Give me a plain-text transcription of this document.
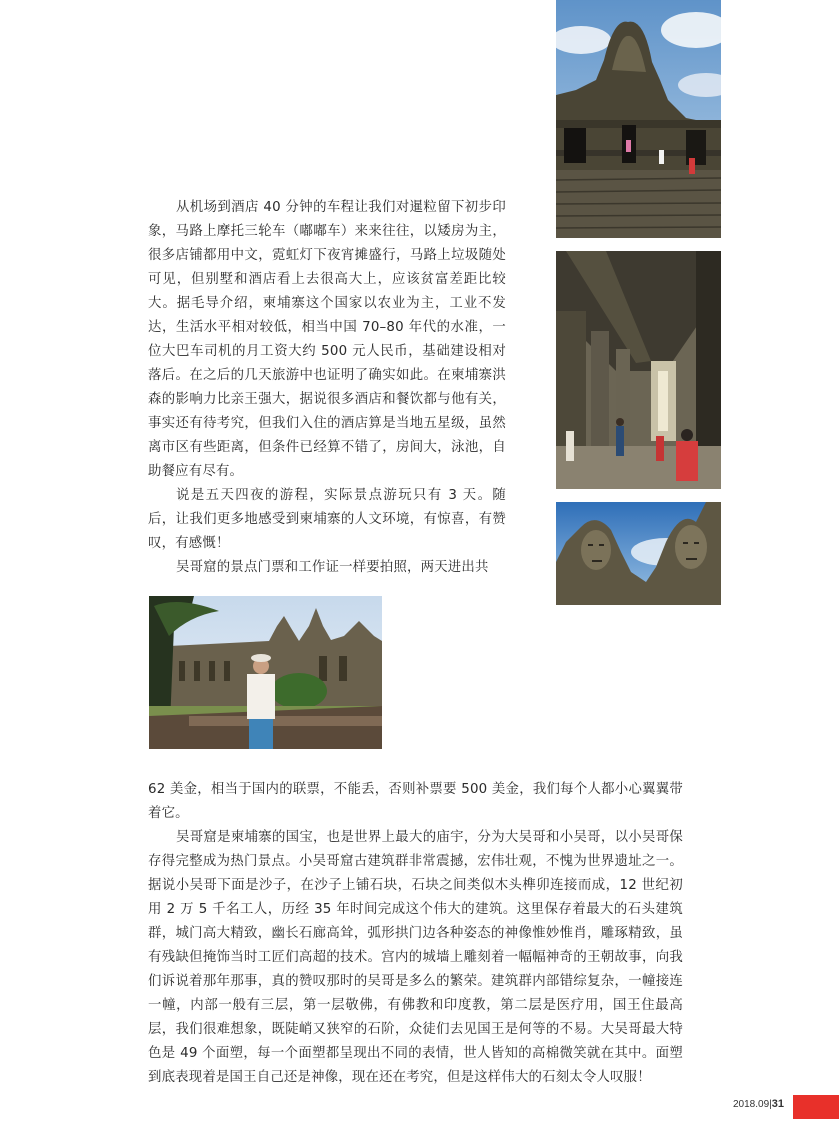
从机场到酒店 40 分钟的车程让我们对暹粒留下初步印象，马路上摩托三轮车（嘟嘟车）来来往往，以矮房为主，很多店铺都用中文，霓虹灯下夜宵摊盛行，马路上垃圾随处可见，但别墅和酒店看上去很高大上，应该贫富差距比较大。据毛导介绍，柬埔寨这个国家以农业为主，工业不发达，生活水平相对较低，相当中国 70–80 年代的水准，一位大巴车司机的月工资大约 500 元人民币，基础建设相对落后。在之后的几天旅游中也证明了确实如此。在柬埔寨洪森的影响力比亲王强大，据说很多酒店和餐饮都与他有关，事实还有待考究，但我们入住的酒店算是当地五星级，虽然离市区有些距离，但条件已经算不错了，房间大，泳池，自助餐应有尽有。

说是五天四夜的游程，实际景点游玩只有 3 天。随后，让我们更多地感受到柬埔寨的人文环境，有惊喜，有赞叹，有感慨！

吴哥窟的景点门票和工作证一样要拍照，两天进出共

62 美金，相当于国内的联票，不能丢，否则补票要 500 美金，我们每个人都小心翼翼带着它。

吴哥窟是柬埔寨的国宝，也是世界上最大的庙宇，分为大吴哥和小吴哥，以小吴哥保存得完整成为热门景点。小吴哥窟古建筑群非常震撼，宏伟壮观，不愧为世界遗址之一。据说小吴哥下面是沙子，在沙子上铺石块，石块之间类似木头榫卯连接而成，12 世纪初用 2 万 5 千名工人，历经 35 年时间完成这个伟大的建筑。这里保存着最大的石头建筑群，城门高大精致，幽长石廊高耸，弧形拱门边各种姿态的神像惟妙惟肖，雕琢精致，虽有残缺但掩饰当时工匠们高超的技术。宫内的城墙上雕刻着一幅幅神奇的王朝故事，向我们诉说着那年那事，真的赞叹那时的吴哥是多么的繁荣。建筑群内部错综复杂，一幢接连一幢，内部一般有三层，第一层敬佛，有佛教和印度教，第二层是医疗用，国王住最高层，我们很难想象，既陡峭又狭窄的石阶，众徒们去见国王是何等的不易。大吴哥最大特色是 49 个面塑，每一个面塑都呈现出不同的表情，世人皆知的高棉微笑就在其中。面塑到底表现着是国王自己还是神像，现在还在考究，但是这样伟大的石刻太令人叹服！

2018.09|31
